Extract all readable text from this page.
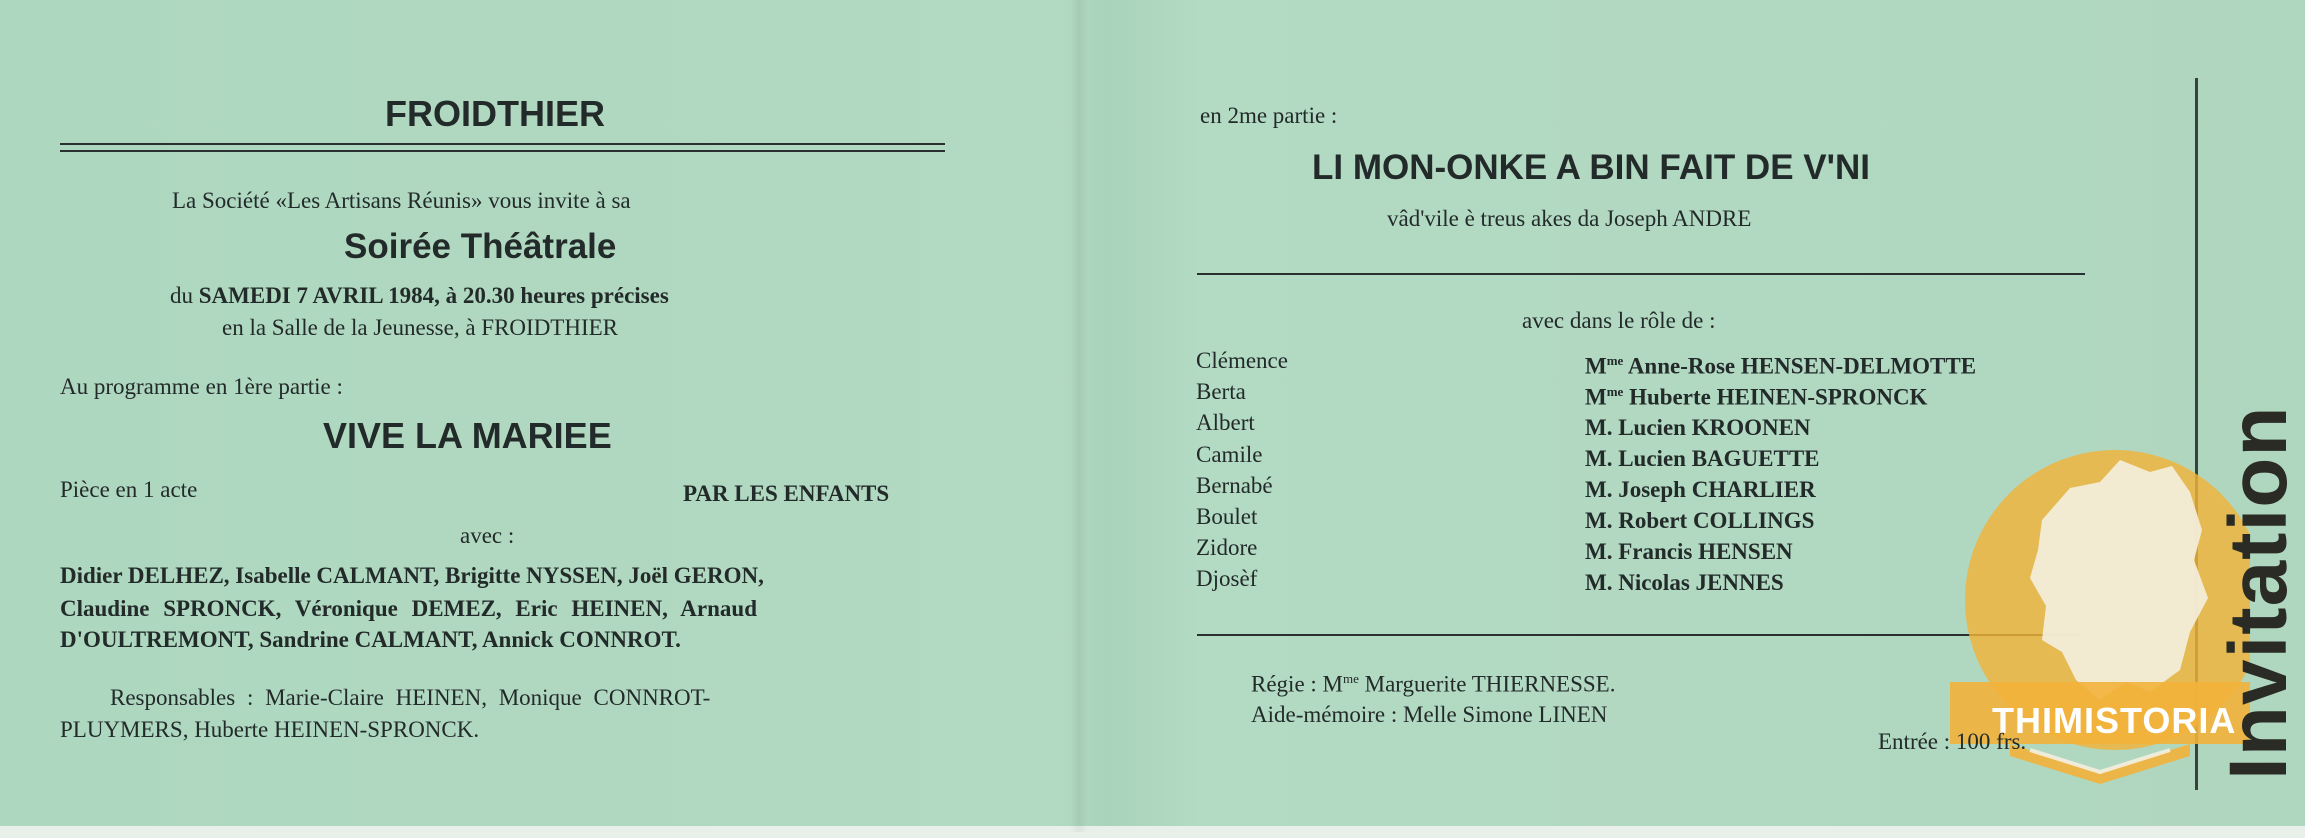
FROIDTHIER
La Société «Les Artisans Réunis» vous invite à sa
Soirée Théâtrale
du SAMEDI 7 AVRIL 1984, à 20.30 heures précises
en la Salle de la Jeunesse, à FROIDTHIER
Au programme en 1ère partie :
VIVE LA MARIEE
Pièce en 1 acte	PAR LES ENFANTS
avec :
Didier DELHEZ, Isabelle CALMANT, Brigitte NYSSEN, Joël GERON,
Claudine SPRONCK, Véronique DEMEZ, Eric HEINEN, Arnaud
D'OULTREMONT, Sandrine CALMANT, Annick CONNROT.
Responsables : Marie-Claire HEINEN, Monique CONNROT-
PLUYMERS, Huberte HEINEN-SPRONCK.
en 2me partie :
LI MON-ONKE A BIN FAIT DE V'NI
vâd'vile è treus akes da Joseph ANDRE
avec dans le rôle de :
Clémence	$M^{me}$ Anne-Rose HENSEN-DELMOTTE
Berta	$M^{me}$ Huberte HEINEN-SPRONCK
Albert	M. Lucien KROONEN
Camile	M. Lucien BAGUETTE
Bernabé	M. Joseph CHARLIER
Boulet	M. Robert COLLINGS
Zidore	M. Francis HENSEN
Djosèf	M. Nicolas JENNES
Régie : $M^{me}$ Marguerite THIERNESSE.
Aide-mémoire : Melle Simone LINEN	THIMISTORIA
Entrée : 100 frs. Invitation
